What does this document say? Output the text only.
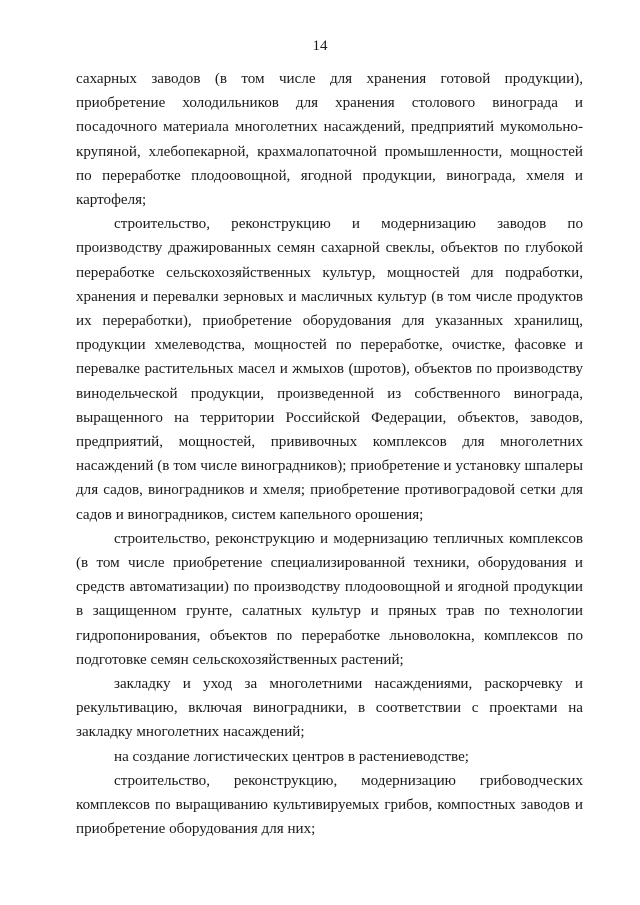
14

сахарных заводов (в том числе для хранения готовой продукции), приобретение холодильников для хранения столового винограда и посадочного материала многолетних насаждений, предприятий мукомольно-крупяной, хлебопекарной, крахмалопаточной промышленности, мощностей по переработке плодоовощной, ягодной продукции, винограда, хмеля и картофеля;

строительство, реконструкцию и модернизацию заводов по производству дражированных семян сахарной свеклы, объектов по глубокой переработке сельскохозяйственных культур, мощностей для подработки, хранения и перевалки зерновых и масличных культур (в том числе продуктов их переработки), приобретение оборудования для указанных хранилищ, продукции хмелеводства, мощностей по переработке, очистке, фасовке и перевалке растительных масел и жмыхов (шротов), объектов по производству винодельческой продукции, произведенной из собственного винограда, выращенного на территории Российской Федерации, объектов, заводов, предприятий, мощностей, прививочных комплексов для многолетних насаждений (в том числе виноградников); приобретение и установку шпалеры для садов, виноградников и хмеля; приобретение противоградовой сетки для садов и виноградников, систем капельного орошения;

строительство, реконструкцию и модернизацию тепличных комплексов (в том числе приобретение специализированной техники, оборудования и средств автоматизации) по производству плодоовощной и ягодной продукции в защищенном грунте, салатных культур и пряных трав по технологии гидропонирования, объектов по переработке льноволокна, комплексов по подготовке семян сельскохозяйственных растений;

закладку и уход за многолетними насаждениями, раскорчевку и рекультивацию, включая виноградники, в соответствии с проектами на закладку многолетних насаждений;

на создание логистических центров в растениеводстве;

строительство, реконструкцию, модернизацию грибоводческих комплексов по выращиванию культивируемых грибов, компостных заводов и приобретение оборудования для них;
